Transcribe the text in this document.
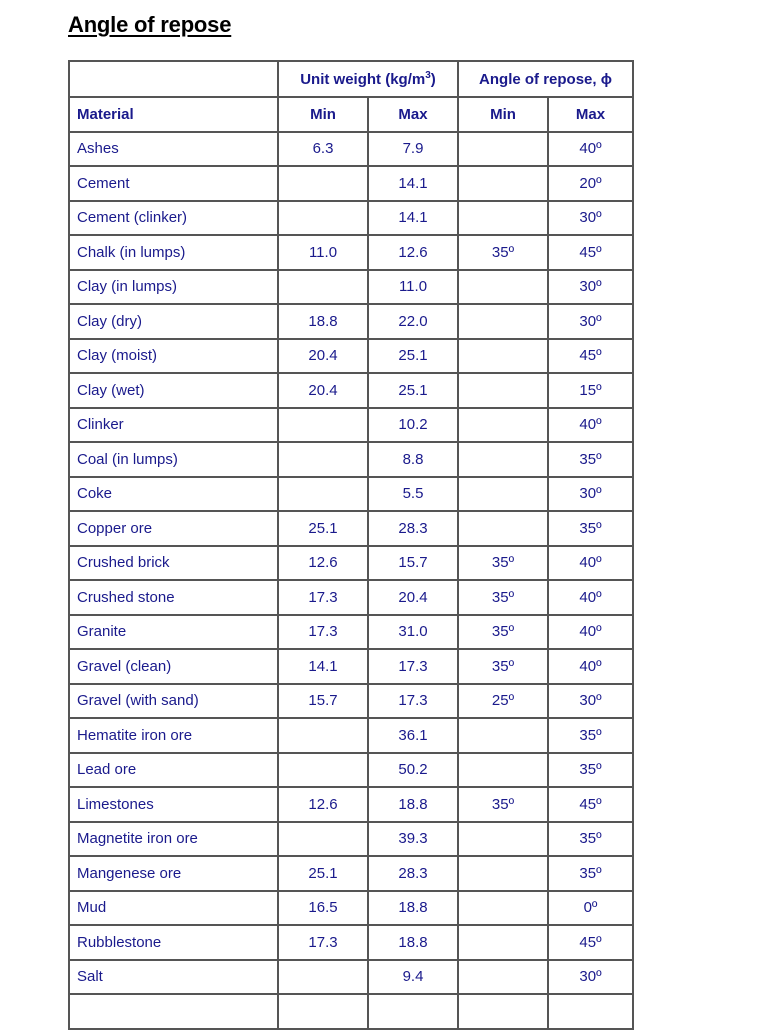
Angle of repose
	Unit weight $(kg/m^3)$		Angle of repose, ϕ	
Material	Min	Max	Min	Max
Ashes	6.3	7.9		40º
Cement		14.1		20º
Cement (clinker)		14.1		30º
Chalk (in lumps)	11.0	12.6	35º	45º
Clay (in lumps)		11.0		30º
Clay (dry)	18.8	22.0		30º
Clay (moist)	20.4	25.1		45º
Clay (wet)	20.4	25.1		15º
Clinker		10.2		40º
Coal (in lumps)		8.8		35º
Coke		5.5		30º
Copper ore	25.1	28.3		35º
Crushed brick	12.6	15.7	35º	40º
Crushed stone	17.3	20.4	35º	40º
Granite	17.3	31.0	35º	40º
Gravel (clean)	14.1	17.3	35º	40º
Gravel (with sand)	15.7	17.3	25º	30º
Hematite iron ore		36.1		35º
Lead ore		50.2		35º
Limestones	12.6	18.8	35º	45º
Magnetite iron ore		39.3		35º
Mangenese ore	25.1	28.3		35º
Mud	16.5	18.8		0º
Rubblestone	17.3	18.8		45º
Salt		9.4		30º
